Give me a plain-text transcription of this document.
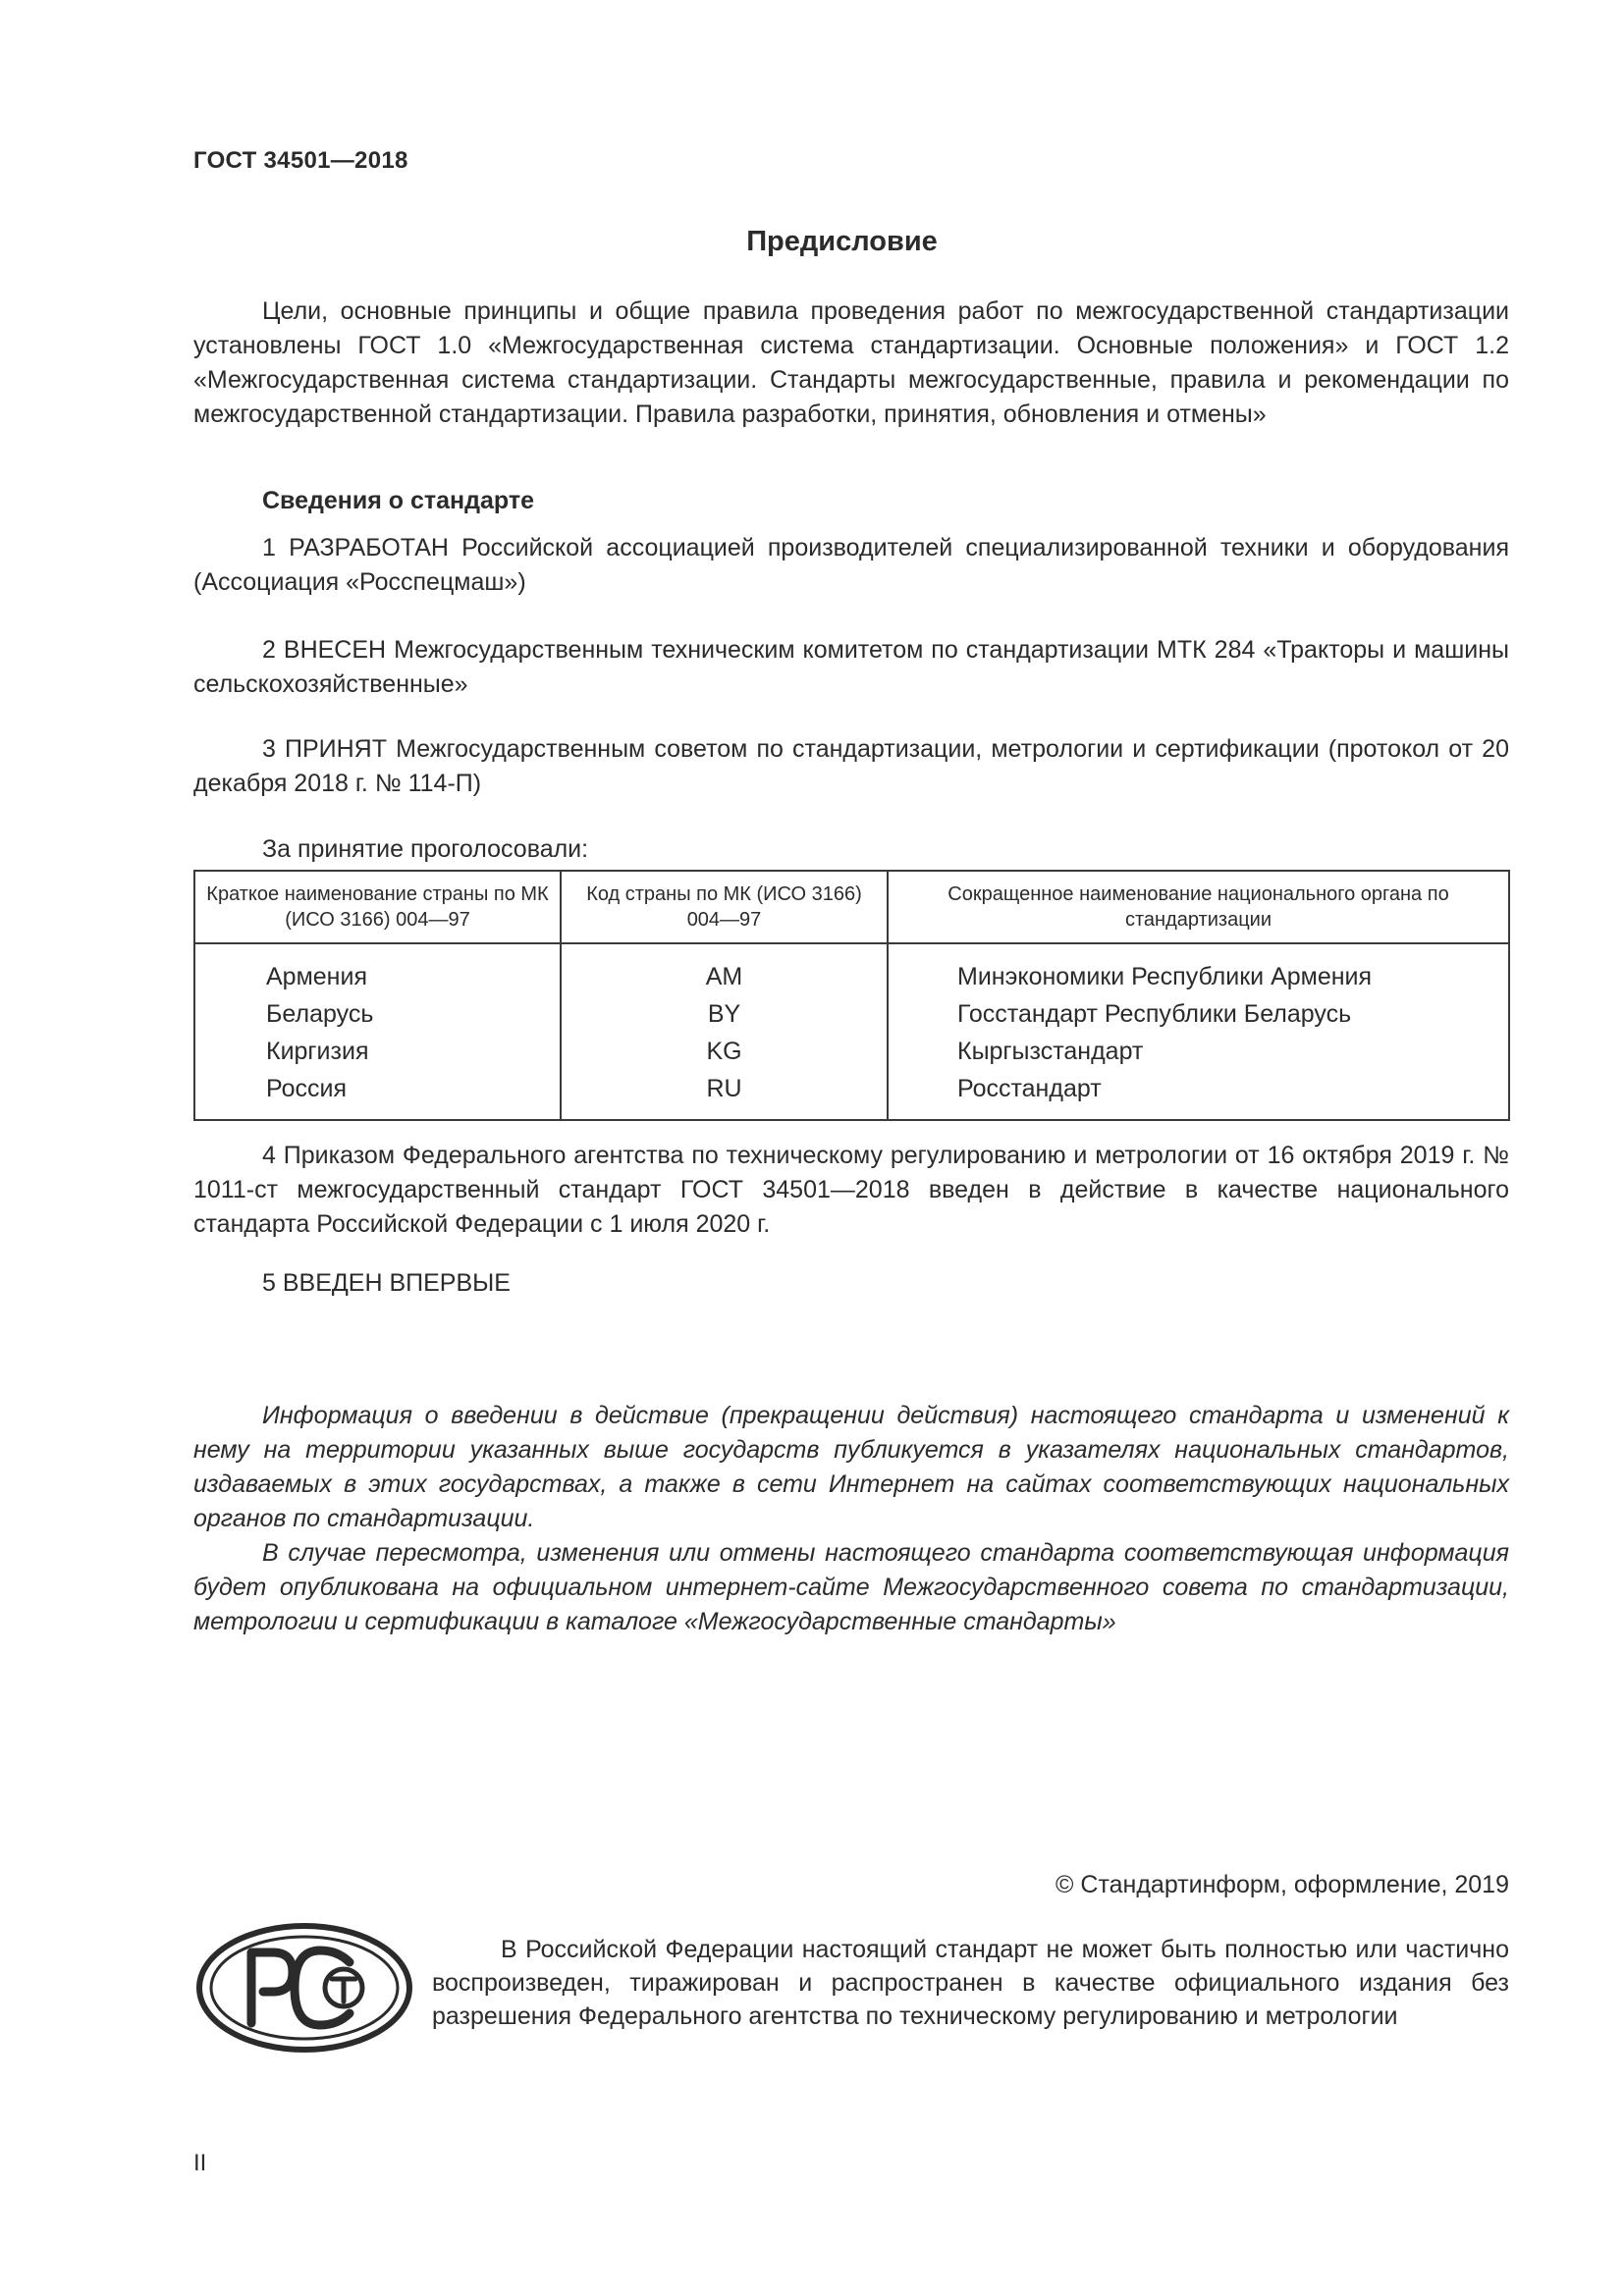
ГОСТ 34501—2018
Предисловие

Цели, основные принципы и общие правила проведения работ по межгосударственной стандартизации установлены ГОСТ 1.0 «Межгосударственная система стандартизации. Основные положения» и ГОСТ 1.2 «Межгосударственная система стандартизации. Стандарты межгосударственные, правила и рекомендации по межгосударственной стандартизации. Правила разработки, принятия, обновления и отмены»

Сведения о стандарте

1 РАЗРАБОТАН Российской ассоциацией производителей специализированной техники и оборудования (Ассоциация «Росспецмаш»)

2 ВНЕСЕН Межгосударственным техническим комитетом по стандартизации МТК 284 «Тракторы и машины сельскохозяйственные»

3 ПРИНЯТ Межгосударственным советом по стандартизации, метрологии и сертификации (протокол от 20 декабря 2018 г. № 114-П)

За принятие проголосовали:

Краткое наименование страны по МК (ИСО 3166) 004—97	Код страны по МК (ИСО 3166) 004—97	Сокращенное наименование национального органа по стандартизации
Армения	AM	Минэкономики Республики Армения
Беларусь	BY	Госстандарт Республики Беларусь
Киргизия	KG	Кыргызстандарт
Россия	RU	Росстандарт

4 Приказом Федерального агентства по техническому регулированию и метрологии от 16 октября 2019 г. № 1011-ст межгосударственный стандарт ГОСТ 34501—2018 введен в действие в качестве национального стандарта Российской Федерации с 1 июля 2020 г.

5 ВВЕДЕН ВПЕРВЫЕ

Информация о введении в действие (прекращении действия) настоящего стандарта и изменений к нему на территории указанных выше государств публикуется в указателях национальных стандартов, издаваемых в этих государствах, а также в сети Интернет на сайтах соответствующих национальных органов по стандартизации.

В случае пересмотра, изменения или отмены настоящего стандарта соответствующая информация будет опубликована на официальном интернет-сайте Межгосударственного совета по стандартизации, метрологии и сертификации в каталоге «Межгосударственные стандарты»

© Стандартинформ, оформление, 2019

В Российской Федерации настоящий стандарт не может быть полностью или частично воспроизведен, тиражирован и распространен в качестве официального издания без разрешения Федерального агентства по техническому регулированию и метрологии

II
